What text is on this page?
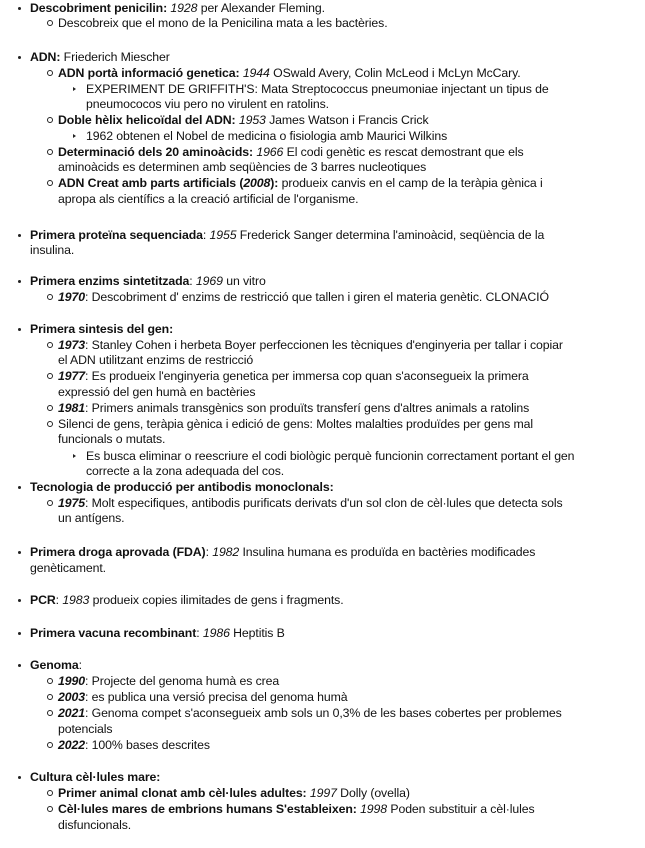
Descobriment penicilin: 1928 per Alexander Fleming.
Descobreix que el mono de la Penicilina mata a les bactèries.
ADN: Friederich Miescher
ADN portà informació genetica: 1944 OSwald Avery, Colin McLeod i McLyn McCary.
EXPERIMENT DE GRIFFITH'S: Mata Streptococcus pneumoniae injectant un tipus de
pneumococos viu pero no virulent en ratolins.
Doble hèlix helicoïdal del ADN: 1953 James Watson i Francis Crick
1962 obtenen el Nobel de medicina o fisiologia amb Maurici Wilkins
Determinació dels 20 aminoàcids: 1966 El codi genètic es rescat demostrant que els
aminoàcids es determinen amb seqüències de 3 barres nucleotiques
ADN Creat amb parts artificials (2008): produeix canvis en el camp de la teràpia gènica i
apropa als científics a la creació artificial de l'organisme.
Primera proteïna sequenciada: 1955 Frederick Sanger determina l'aminoàcid, seqüència de la
insulina.
Primera enzims sintetitzada: 1969 un vitro
1970: Descobriment d' enzims de restricció que tallen i giren el materia genètic. CLONACIÓ
Primera sintesis del gen:
1973: Stanley Cohen i herbeta Boyer perfeccionen les tècniques d'enginyeria per tallar i copiar
el ADN utilitzant enzims de restricció
1977: Es produeix l'enginyeria genetica per immersa cop quan s'aconsegueix la primera
expressió del gen humà en bactèries
1981: Primers animals transgènics son produïts transferí gens d'altres animals a ratolins
Silenci de gens, teràpia gènica i edició de gens: Moltes malalties produïdes per gens mal
funcionals o mutats.
Es busca eliminar o reescriure el codi biològic perquè funcionin correctament portant el gen
correcte a la zona adequada del cos.
Tecnologia de producció per antibodis monoclonals:
1975: Molt especifiques, antibodis purificats derivats d'un sol clon de cèl·lules que detecta sols
un antígens.
Primera droga aprovada (FDA): 1982 Insulina humana es produïda en bactèries modificades
genèticament.
PCR: 1983 produeix copies ilimitades de gens i fragments.
Primera vacuna recombinant: 1986 Heptitis B
Genoma:
1990: Projecte del genoma humà es crea
2003: es publica una versió precisa del genoma humà
2021: Genoma compet s'aconsegueix amb sols un 0,3% de les bases cobertes per problemes
potencials
2022: 100% bases descrites
Cultura cèl·lules mare:
Primer animal clonat amb cèl·lules adultes: 1997 Dolly (ovella)
Cèl·lules mares de embrions humans S'estableixen: 1998 Poden substituir a cèl·lules
disfuncionals.
